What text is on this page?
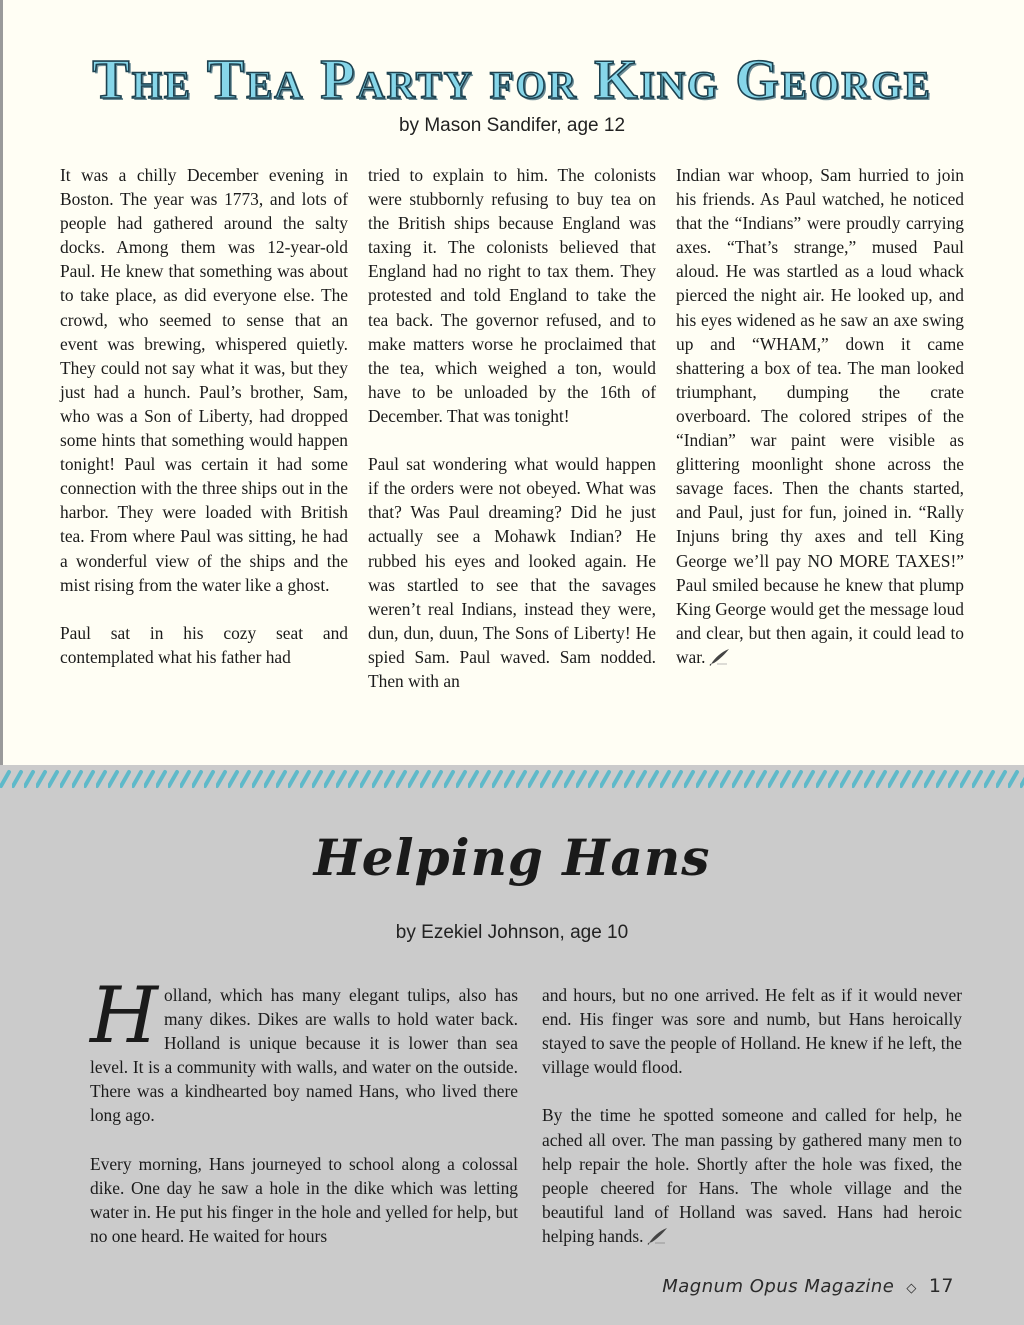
The Tea Party for King George

by Mason Sandifer, age 12

It was a chilly December evening in Boston. The year was 1773, and lots of people had gathered around the salty docks. Among them was 12-year-old Paul. He knew that something was about to take place, as did everyone else. The crowd, who seemed to sense that an event was brewing, whispered quietly. They could not say what it was, but they just had a hunch. Paul’s brother, Sam, who was a Son of Liberty, had dropped some hints that something would happen tonight! Paul was certain it had some connection with the three ships out in the harbor. They were loaded with British tea. From where Paul was sitting, he had a wonderful view of the ships and the mist rising from the water like a ghost.

Paul sat in his cozy seat and contemplated what his father had

tried to explain to him. The colonists were stubbornly refusing to buy tea on the British ships because England was taxing it. The colonists believed that England had no right to tax them. They protested and told England to take the tea back. The governor refused, and to make matters worse he proclaimed that the tea, which weighed a ton, would have to be unloaded by the 16th of December. That was tonight!

Paul sat wondering what would happen if the orders were not obeyed. What was that? Was Paul dreaming? Did he just actually see a Mohawk Indian? He rubbed his eyes and looked again. He was startled to see that the savages weren’t real Indians, instead they were, dun, dun, duun, The Sons of Liberty! He spied Sam. Paul waved. Sam nodded. Then with an

Indian war whoop, Sam hurried to join his friends. As Paul watched, he noticed that the “Indians” were proudly carrying axes. “That’s strange,” mused Paul aloud. He was startled as a loud whack pierced the night air. He looked up, and his eyes widened as he saw an axe swing up and “WHAM,” down it came shattering a box of tea. The man looked triumphant, dumping the crate overboard. The colored stripes of the “Indian” war paint were visible as glittering moonlight shone across the savage faces. Then the chants started, and Paul, just for fun, joined in. “Rally Injuns bring thy axes and tell King George we’ll pay NO MORE TAXES!” Paul smiled because he knew that plump King George would get the message loud and clear, but then again, it could lead to war.

Helping Hans

by Ezekiel Johnson, age 10

Holland, which has many elegant tulips, also has many dikes. Dikes are walls to hold water back. Holland is unique because it is lower than sea level. It is a community with walls, and water on the outside. There was a kindhearted boy named Hans, who lived there long ago.

Every morning, Hans journeyed to school along a colossal dike. One day he saw a hole in the dike which was letting water in. He put his finger in the hole and yelled for help, but no one heard. He waited for hours

and hours, but no one arrived. He felt as if it would never end. His finger was sore and numb, but Hans heroically stayed to save the people of Holland. He knew if he left, the village would flood.

By the time he spotted someone and called for help, he ached all over. The man passing by gathered many men to help repair the hole. Shortly after the hole was fixed, the people cheered for Hans. The whole village and the beautiful land of Holland was saved. Hans had heroic helping hands.

Magnum Opus Magazine ◇ 17
